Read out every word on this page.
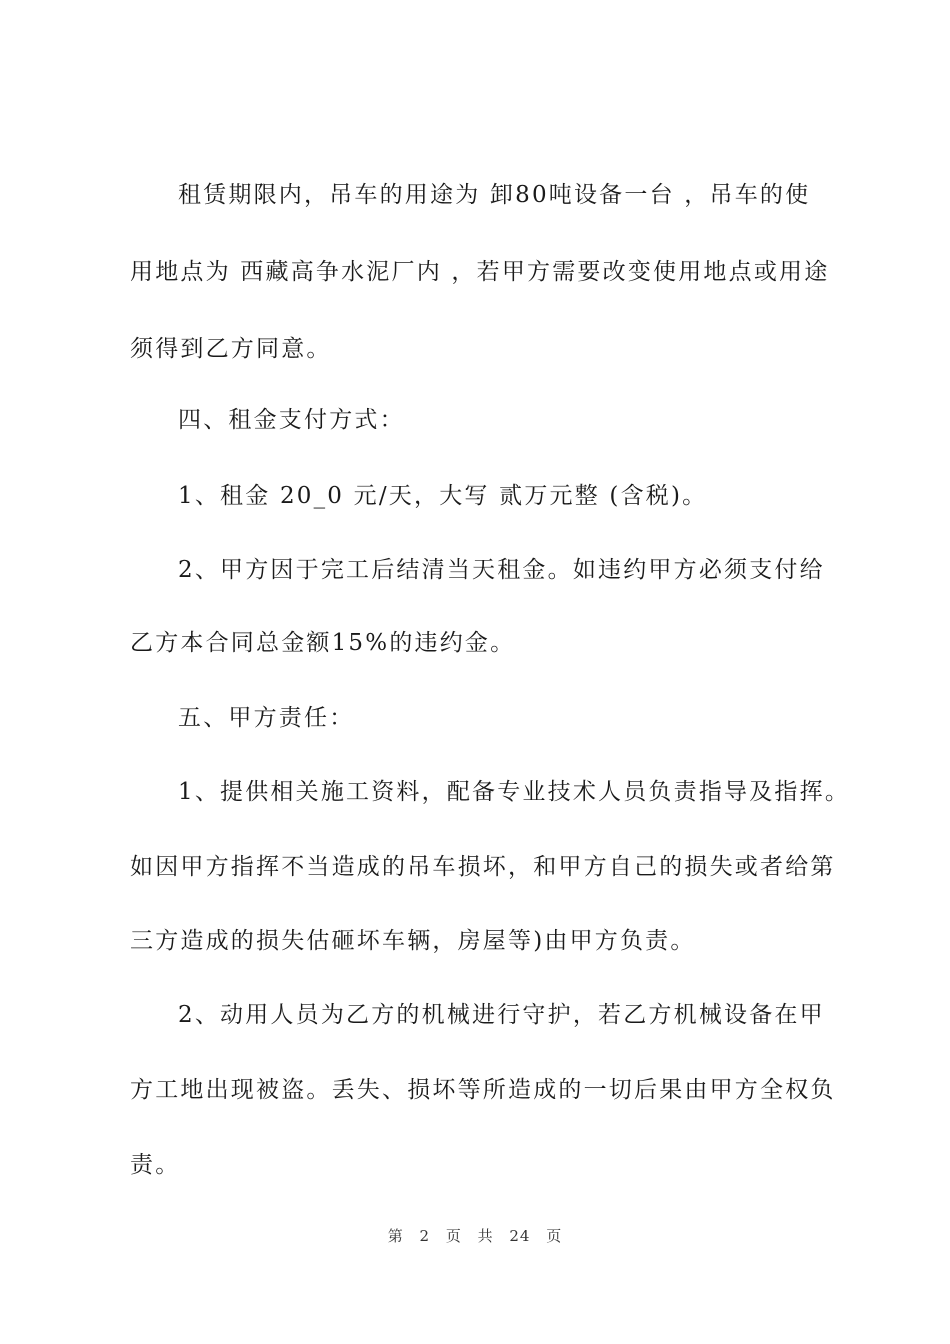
租赁期限内，吊车的用途为 卸80吨设备一台 ，吊车的使
用地点为 西藏高争水泥厂内 ，若甲方需要改变使用地点或用途
须得到乙方同意。
四、租金支付方式：
1、租金 20_0 元/天，大写 贰万元整 (含税)。
2、甲方因于完工后结清当天租金。如违约甲方必须支付给
乙方本合同总金额15%的违约金。
五、甲方责任：
1、提供相关施工资料，配备专业技术人员负责指导及指挥。
如因甲方指挥不当造成的吊车损坏，和甲方自己的损失或者给第
三方造成的损失估砸坏车辆，房屋等)由甲方负责。
2、动用人员为乙方的机械进行守护，若乙方机械设备在甲
方工地出现被盗。丢失、损坏等所造成的一切后果由甲方全权负
责。
第 2 页 共 24 页
